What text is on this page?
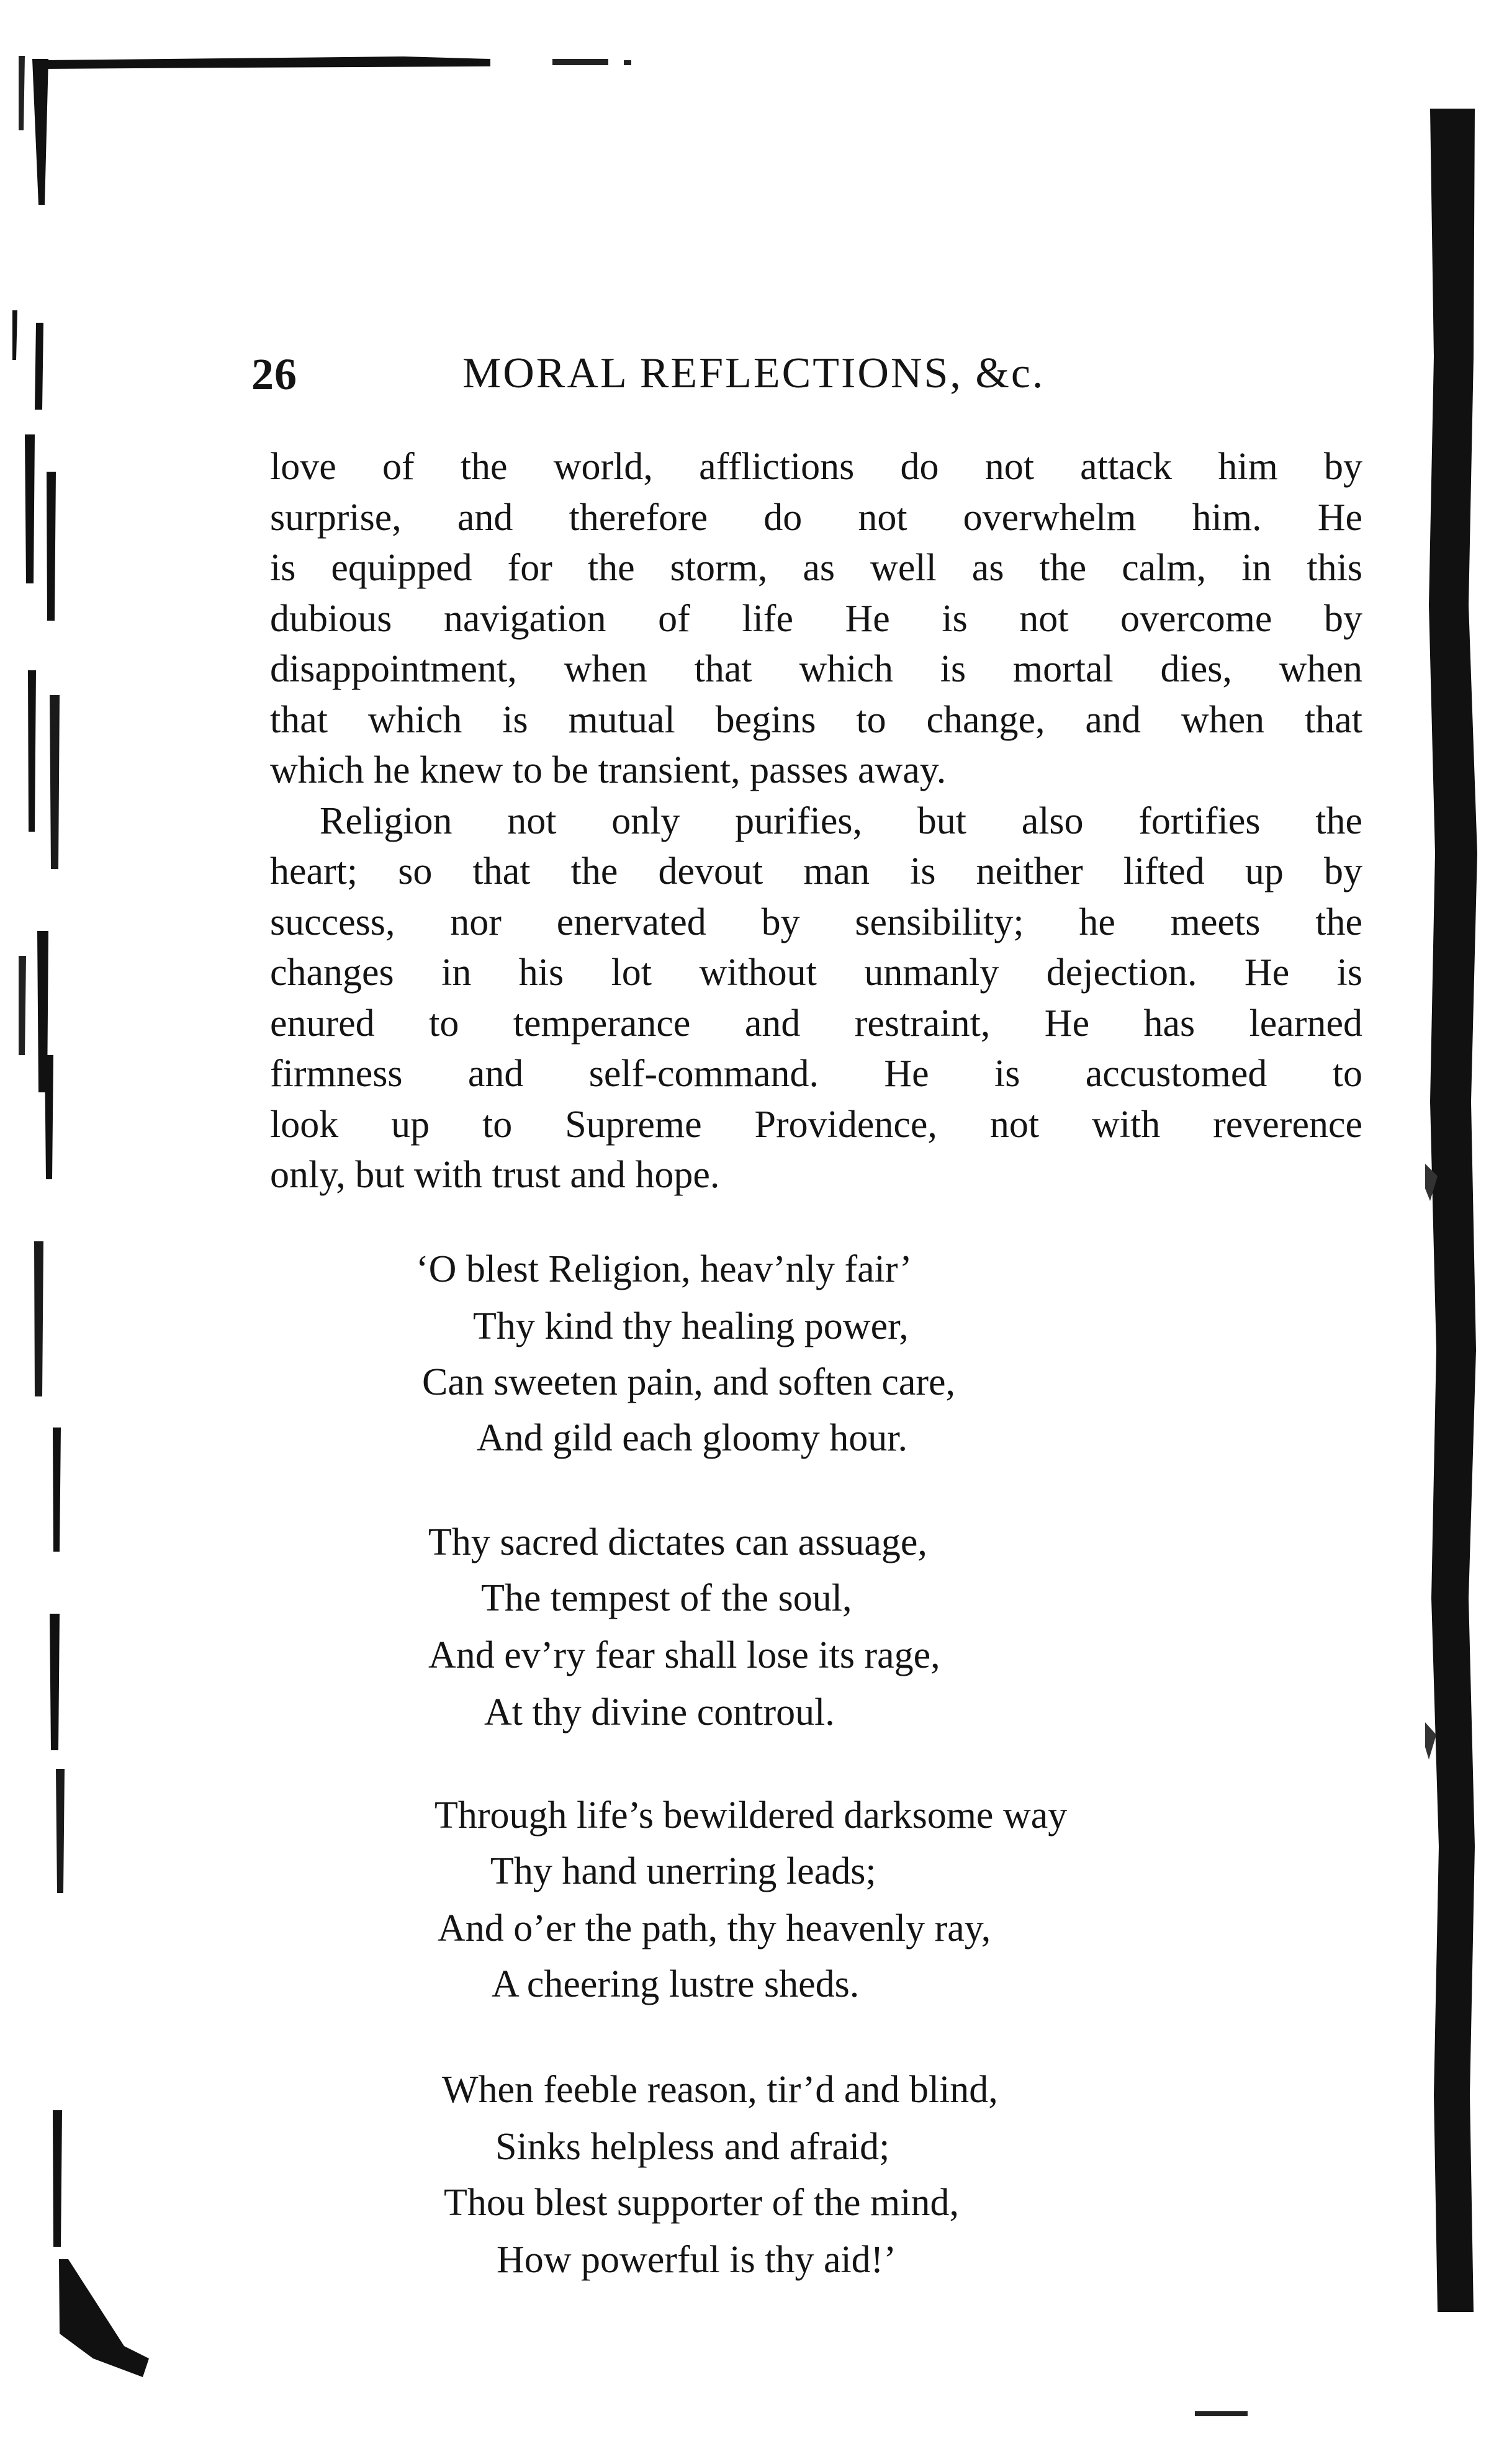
26	MORAL REFLECTIONS, &c.

love of the world, afflictions do not attack him by
surprise, and therefore do not overwhelm him. He
is equipped for the storm, as well as the calm, in this
dubious navigation of life He is not overcome by
disappointment, when that which is mortal dies, when
that which is mutual begins to change, and when that
which he knew to be transient, passes away.

Religion not only purifies, but also fortifies the
heart; so that the devout man is neither lifted up by
success, nor enervated by sensibility; he meets the
changes in his lot without unmanly dejection. He is
enured to temperance and restraint, He has learned
firmness and self-command. He is accustomed to
look up to Supreme Providence, not with reverence
only, but with trust and hope.

‘O blest Religion, heav’nly fair’
Thy kind thy healing power,
Can sweeten pain, and soften care,
And gild each gloomy hour.
Thy sacred dictates can assuage,
The tempest of the soul,
And ev’ry fear shall lose its rage,
At thy divine controul.
Through life’s bewildered darksome way
Thy hand unerring leads;
And o’er the path, thy heavenly ray,
A cheering lustre sheds.
When feeble reason, tir’d and blind,
Sinks helpless and afraid;
Thou blest supporter of the mind,
How powerful is thy aid!’
